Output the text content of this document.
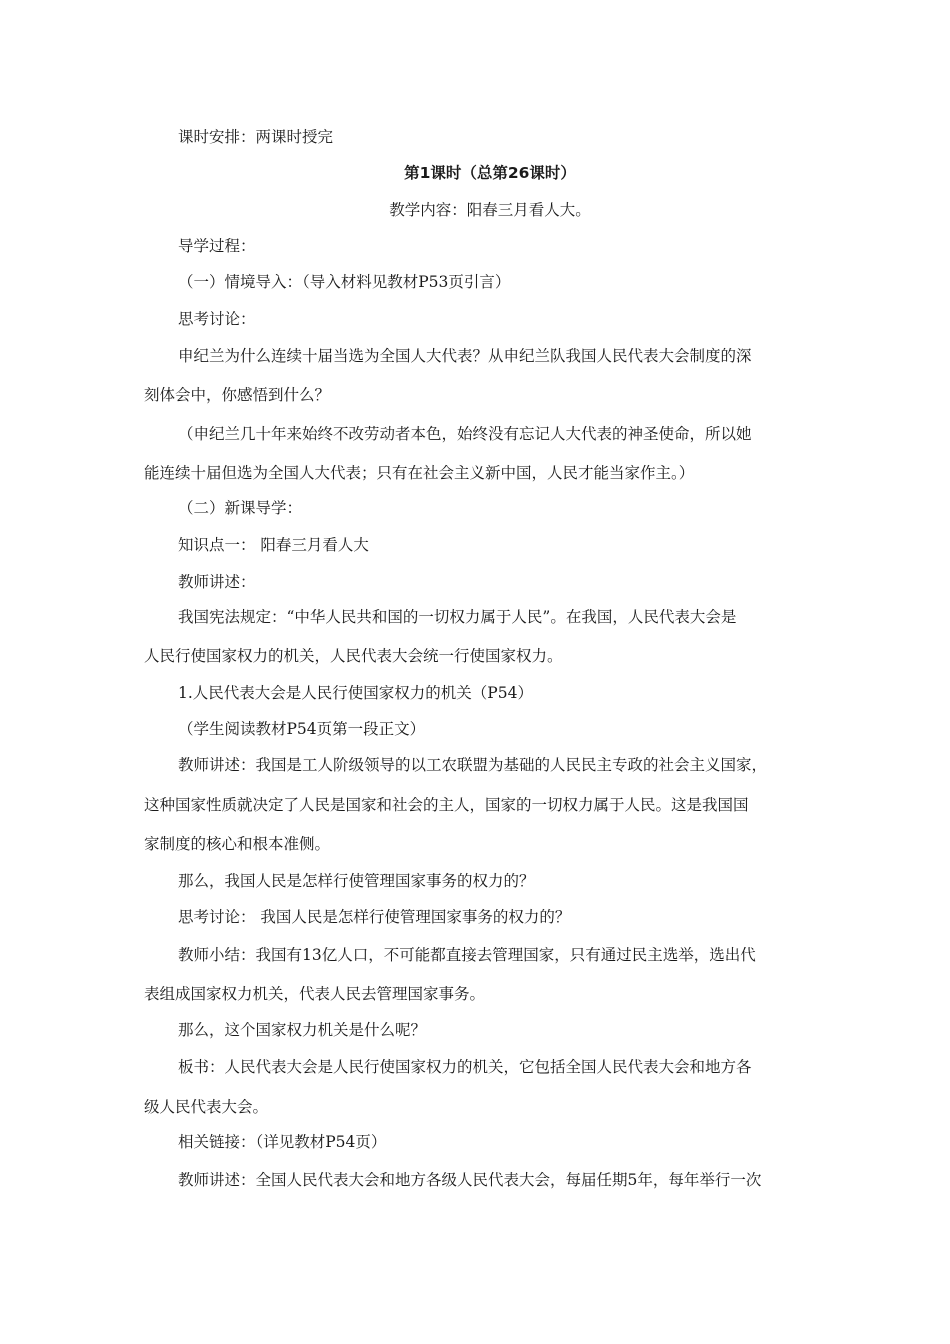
课时安排：两课时授完
第1课时（总第26课时）
教学内容：阳春三月看人大。
导学过程：
（一）情境导入：（导入材料见教材P53页引言）
思考讨论：
申纪兰为什么连续十届当选为全国人大代表？从申纪兰队我国人民代表大会制度的深
刻体会中，你感悟到什么？
（申纪兰几十年来始终不改劳动者本色，始终没有忘记人大代表的神圣使命，所以她
能连续十届但选为全国人大代表；只有在社会主义新中国，人民才能当家作主。）
（二）新课导学：
知识点一： 阳春三月看人大
教师讲述：
我国宪法规定：“中华人民共和国的一切权力属于人民”。在我国，人民代表大会是
人民行使国家权力的机关，人民代表大会统一行使国家权力。
1.人民代表大会是人民行使国家权力的机关（P54）
（学生阅读教材P54页第一段正文）
教师讲述：我国是工人阶级领导的以工农联盟为基础的人民民主专政的社会主义国家，
这种国家性质就决定了人民是国家和社会的主人，国家的一切权力属于人民。这是我国国
家制度的核心和根本准侧。
那么，我国人民是怎样行使管理国家事务的权力的？
思考讨论： 我国人民是怎样行使管理国家事务的权力的？
教师小结：我国有13亿人口，不可能都直接去管理国家，只有通过民主选举，选出代
表组成国家权力机关，代表人民去管理国家事务。
那么，这个国家权力机关是什么呢？
板书：人民代表大会是人民行使国家权力的机关，它包括全国人民代表大会和地方各
级人民代表大会。
相关链接：（详见教材P54页）
教师讲述：全国人民代表大会和地方各级人民代表大会，每届任期5年，每年举行一次
